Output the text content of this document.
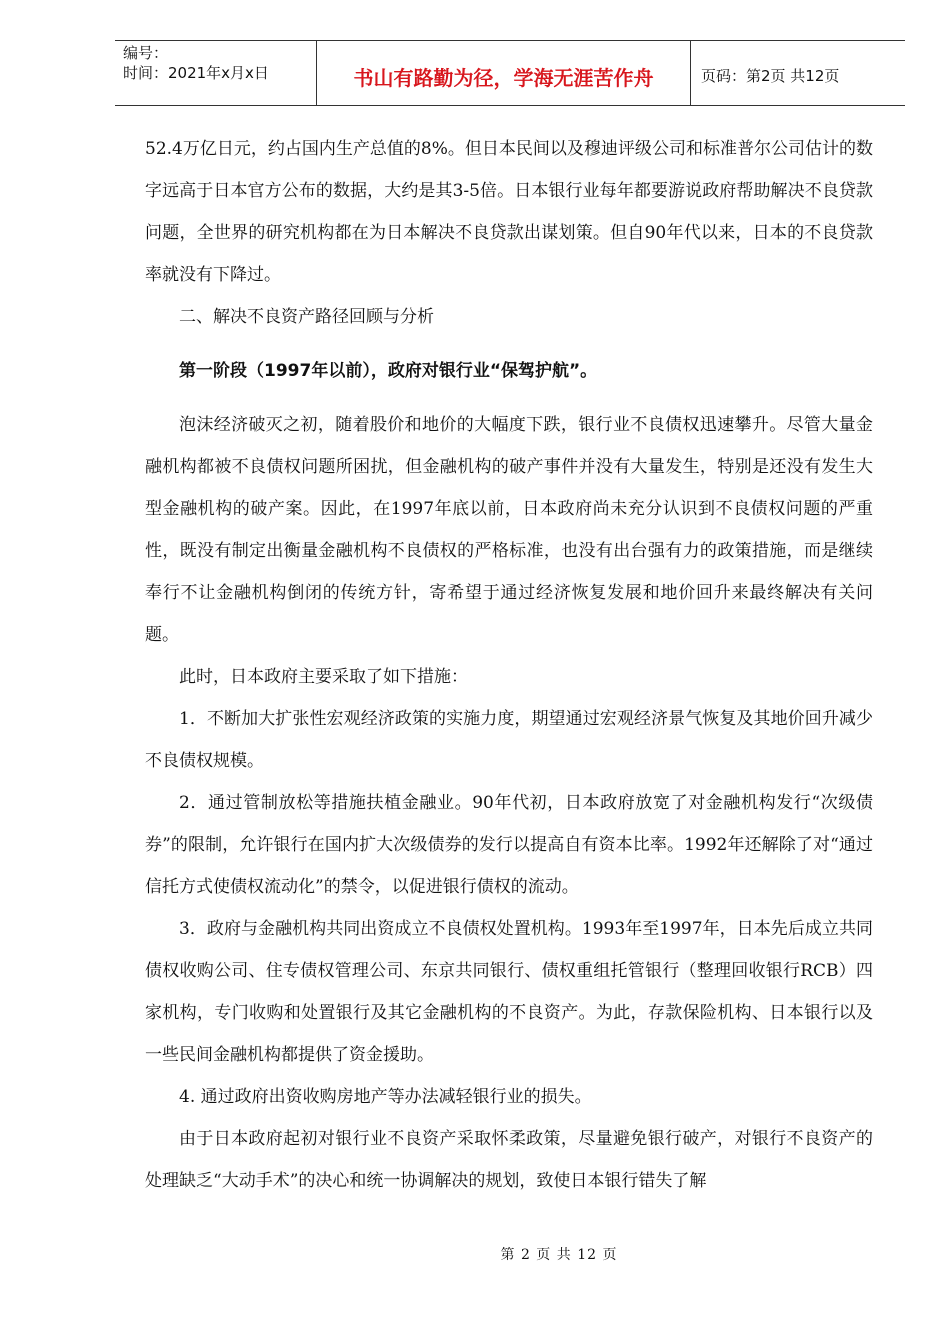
编号：
时间：2021年x月x日	书山有路勤为径，学海无涯苦作舟	页码：第2页 共12页

52.4万亿日元，约占国内生产总值的8%。但日本民间以及穆迪评级公司和标准普尔公司估计的数字远高于日本官方公布的数据，大约是其3-5倍。日本银行业每年都要游说政府帮助解决不良贷款问题，全世界的研究机构都在为日本解决不良贷款出谋划策。但自90年代以来，日本的不良贷款率就没有下降过。

二、解决不良资产路径回顾与分析

第一阶段（1997年以前），政府对银行业“保驾护航”。

泡沫经济破灭之初，随着股价和地价的大幅度下跌，银行业不良债权迅速攀升。尽管大量金融机构都被不良债权问题所困扰，但金融机构的破产事件并没有大量发生，特别是还没有发生大型金融机构的破产案。因此，在1997年底以前，日本政府尚未充分认识到不良债权问题的严重性，既没有制定出衡量金融机构不良债权的严格标准，也没有出台强有力的政策措施，而是继续奉行不让金融机构倒闭的传统方针，寄希望于通过经济恢复发展和地价回升来最终解决有关问题。

此时，日本政府主要采取了如下措施：

1．不断加大扩张性宏观经济政策的实施力度，期望通过宏观经济景气恢复及其地价回升减少不良债权规模。

2．通过管制放松等措施扶植金融业。90年代初，日本政府放宽了对金融机构发行“次级债券”的限制，允许银行在国内扩大次级债券的发行以提高自有资本比率。1992年还解除了对“通过信托方式使债权流动化”的禁令，以促进银行债权的流动。

3．政府与金融机构共同出资成立不良债权处置机构。1993年至1997年，日本先后成立共同债权收购公司、住专债权管理公司、东京共同银行、债权重组托管银行（整理回收银行RCB）四家机构，专门收购和处置银行及其它金融机构的不良资产。为此，存款保险机构、日本银行以及一些民间金融机构都提供了资金援助。

4. 通过政府出资收购房地产等办法减轻银行业的损失。

由于日本政府起初对银行业不良资产采取怀柔政策，尽量避免银行破产，对银行不良资产的处理缺乏“大动手术”的决心和统一协调解决的规划，致使日本银行错失了解

第 2 页 共 12 页
